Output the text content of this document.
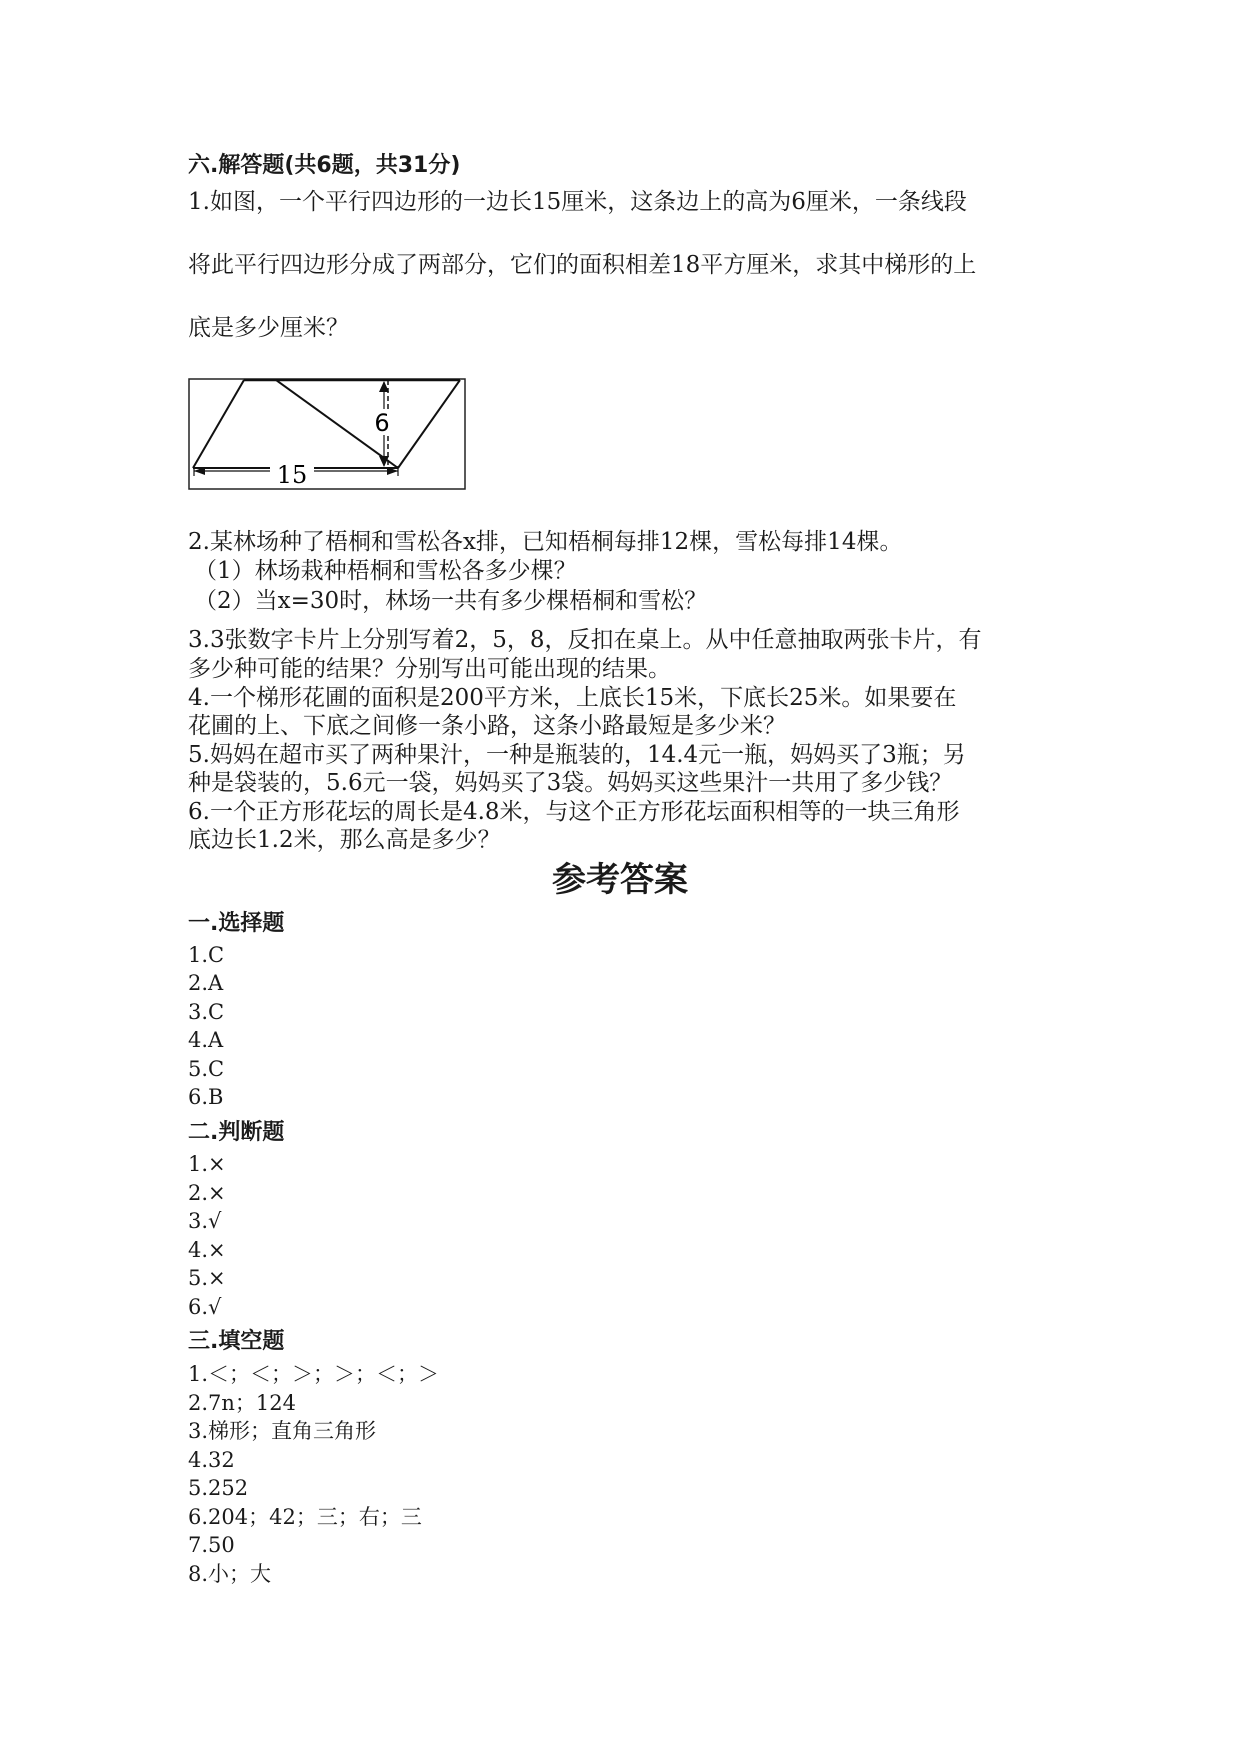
六.解答题(共6题，共31分)
1.如图，一个平行四边形的一边长15厘米，这条边上的高为6厘米，一条线段
将此平行四边形分成了两部分，它们的面积相差18平方厘米，求其中梯形的上
底是多少厘米？
6
15
2.某林场种了梧桐和雪松各x排，已知梧桐每排12棵，雪松每排14棵。
（1）林场栽种梧桐和雪松各多少棵？
（2）当x=30时，林场一共有多少棵梧桐和雪松？
3.3张数字卡片上分别写着2，5，8，反扣在桌上。从中任意抽取两张卡片，有
多少种可能的结果？分别写出可能出现的结果。
4.一个梯形花圃的面积是200平方米，上底长15米，下底长25米。如果要在
花圃的上、下底之间修一条小路，这条小路最短是多少米？
5.妈妈在超市买了两种果汁，一种是瓶装的，14.4元一瓶，妈妈买了3瓶；另
种是袋装的，5.6元一袋，妈妈买了3袋。妈妈买这些果汁一共用了多少钱？
6.一个正方形花坛的周长是4.8米，与这个正方形花坛面积相等的一块三角形
底边长1.2米，那么高是多少？
参考答案
一.选择题
1.C
2.A
3.C
4.A
5.C
6.B
二.判断题
1.×
2.×
3.√
4.×
5.×
6.√
三.填空题
1.＜；＜；＞；＞；＜；＞
2.7n；124
3.梯形；直角三角形
4.32
5.252
6.204；42；三；右；三
7.50
8.小；大
